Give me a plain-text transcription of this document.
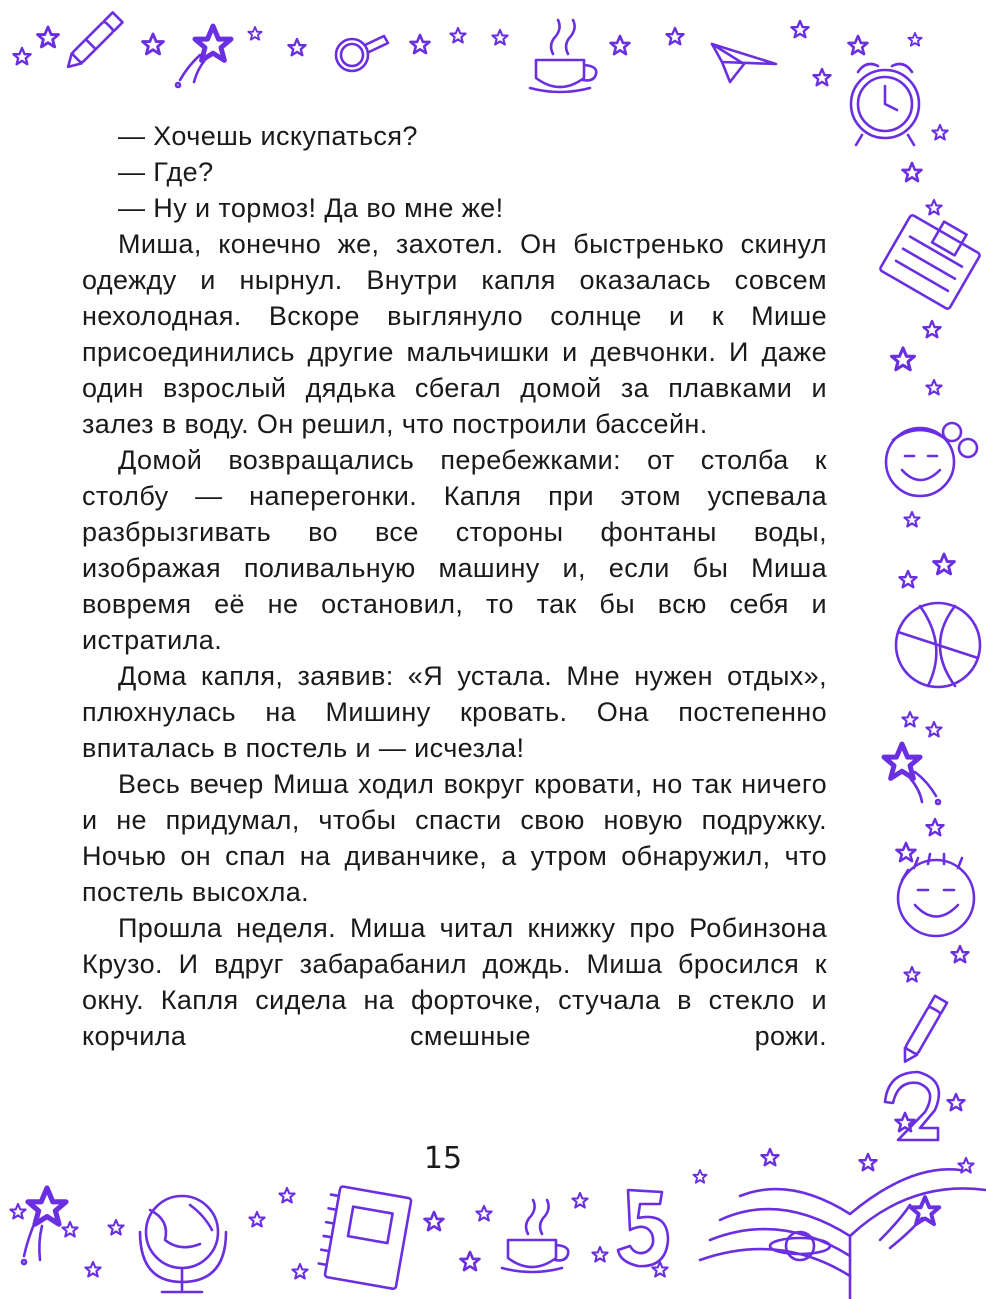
— Хочешь искупаться?

— Где?

— Ну и тормоз! Да во мне же!

Миша, конечно же, захотел. Он быстренько скинул одежду и нырнул. Внутри капля оказалась совсем нехолодная. Вскоре выглянуло солнце и к Мише присоединились другие мальчишки и девчонки. И даже один взрослый дядька сбегал домой за плавками и залез в воду. Он решил, что построили бассейн.

Домой возвращались перебежками: от столба к столбу — наперегонки. Капля при этом успевала разбрызгивать во все стороны фонтаны воды, изображая поливальную машину и, если бы Миша вовремя её не остановил, то так бы всю себя и истратила.

Дома капля, заявив: «Я устала. Мне нужен отдых», плюхнулась на Мишину кровать. Она постепенно впиталась в постель и — исчезла!

Весь вечер Миша ходил вокруг кровати, но так ничего и не придумал, чтобы спасти свою новую подружку. Ночью он спал на диванчике, а утром обнаружил, что постель высохла.

Прошла неделя. Миша читал книжку про Робинзона Крузо. И вдруг забарабанил дождь. Миша бросился к окну. Капля сидела на форточке, стучала в стекло и корчила смешные рожи.

15
